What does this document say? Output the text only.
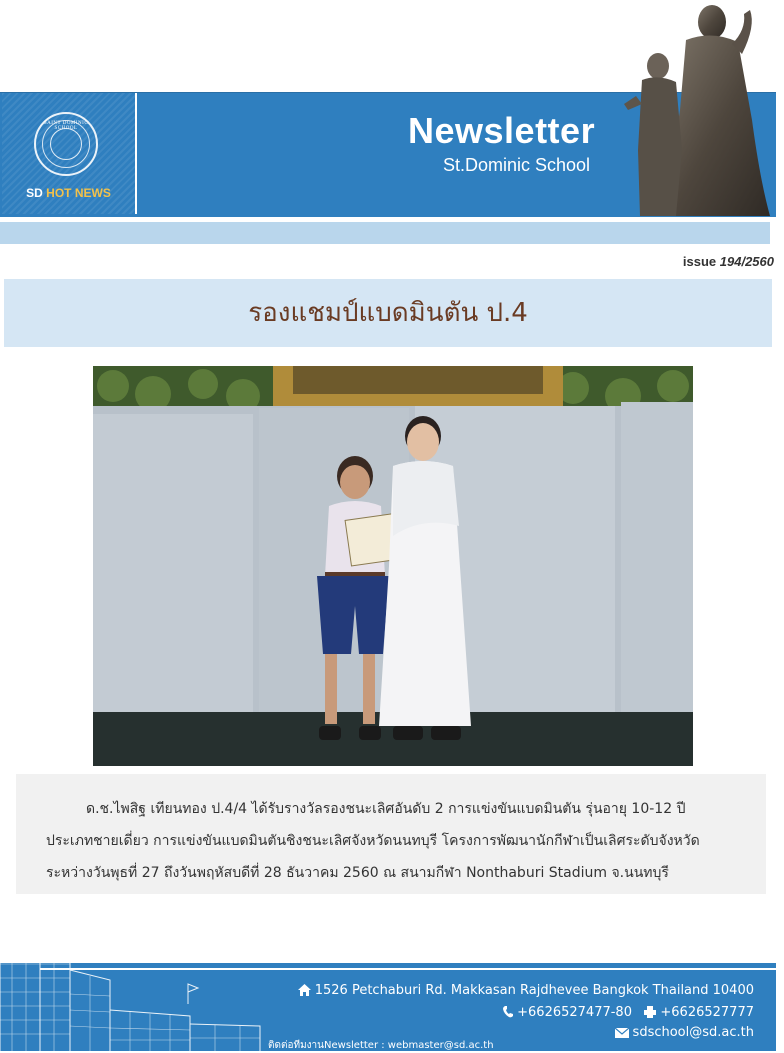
SAINT DOMINIC SCHOOL
SD HOT NEWS
Newsletter
St.Dominic School
issue 194/2560
รองแชมป์แบดมินตัน ป.4
ด.ช.ไพสิฐ เทียนทอง ป.4/4 ได้รับรางวัลรองชนะเลิศอันดับ 2 การแข่งขันแบดมินตัน รุ่นอายุ 10-12 ปี
ประเภทชายเดี่ยว การแข่งขันแบดมินตันชิงชนะเลิศจังหวัดนนทบุรี โครงการพัฒนานักกีฬาเป็นเลิศระดับจังหวัด
ระหว่างวันพุธที่ 27 ถึงวันพฤหัสบดีที่ 28 ธันวาคม 2560 ณ สนามกีฬา Nonthaburi Stadium จ.นนทบุรี
1526 Petchaburi Rd. Makkasan Rajdhevee Bangkok Thailand 10400
+6626527477-80 +6626527777
sdschool@sd.ac.th
ติดต่อทีมงานNewsletter : webmaster@sd.ac.th
